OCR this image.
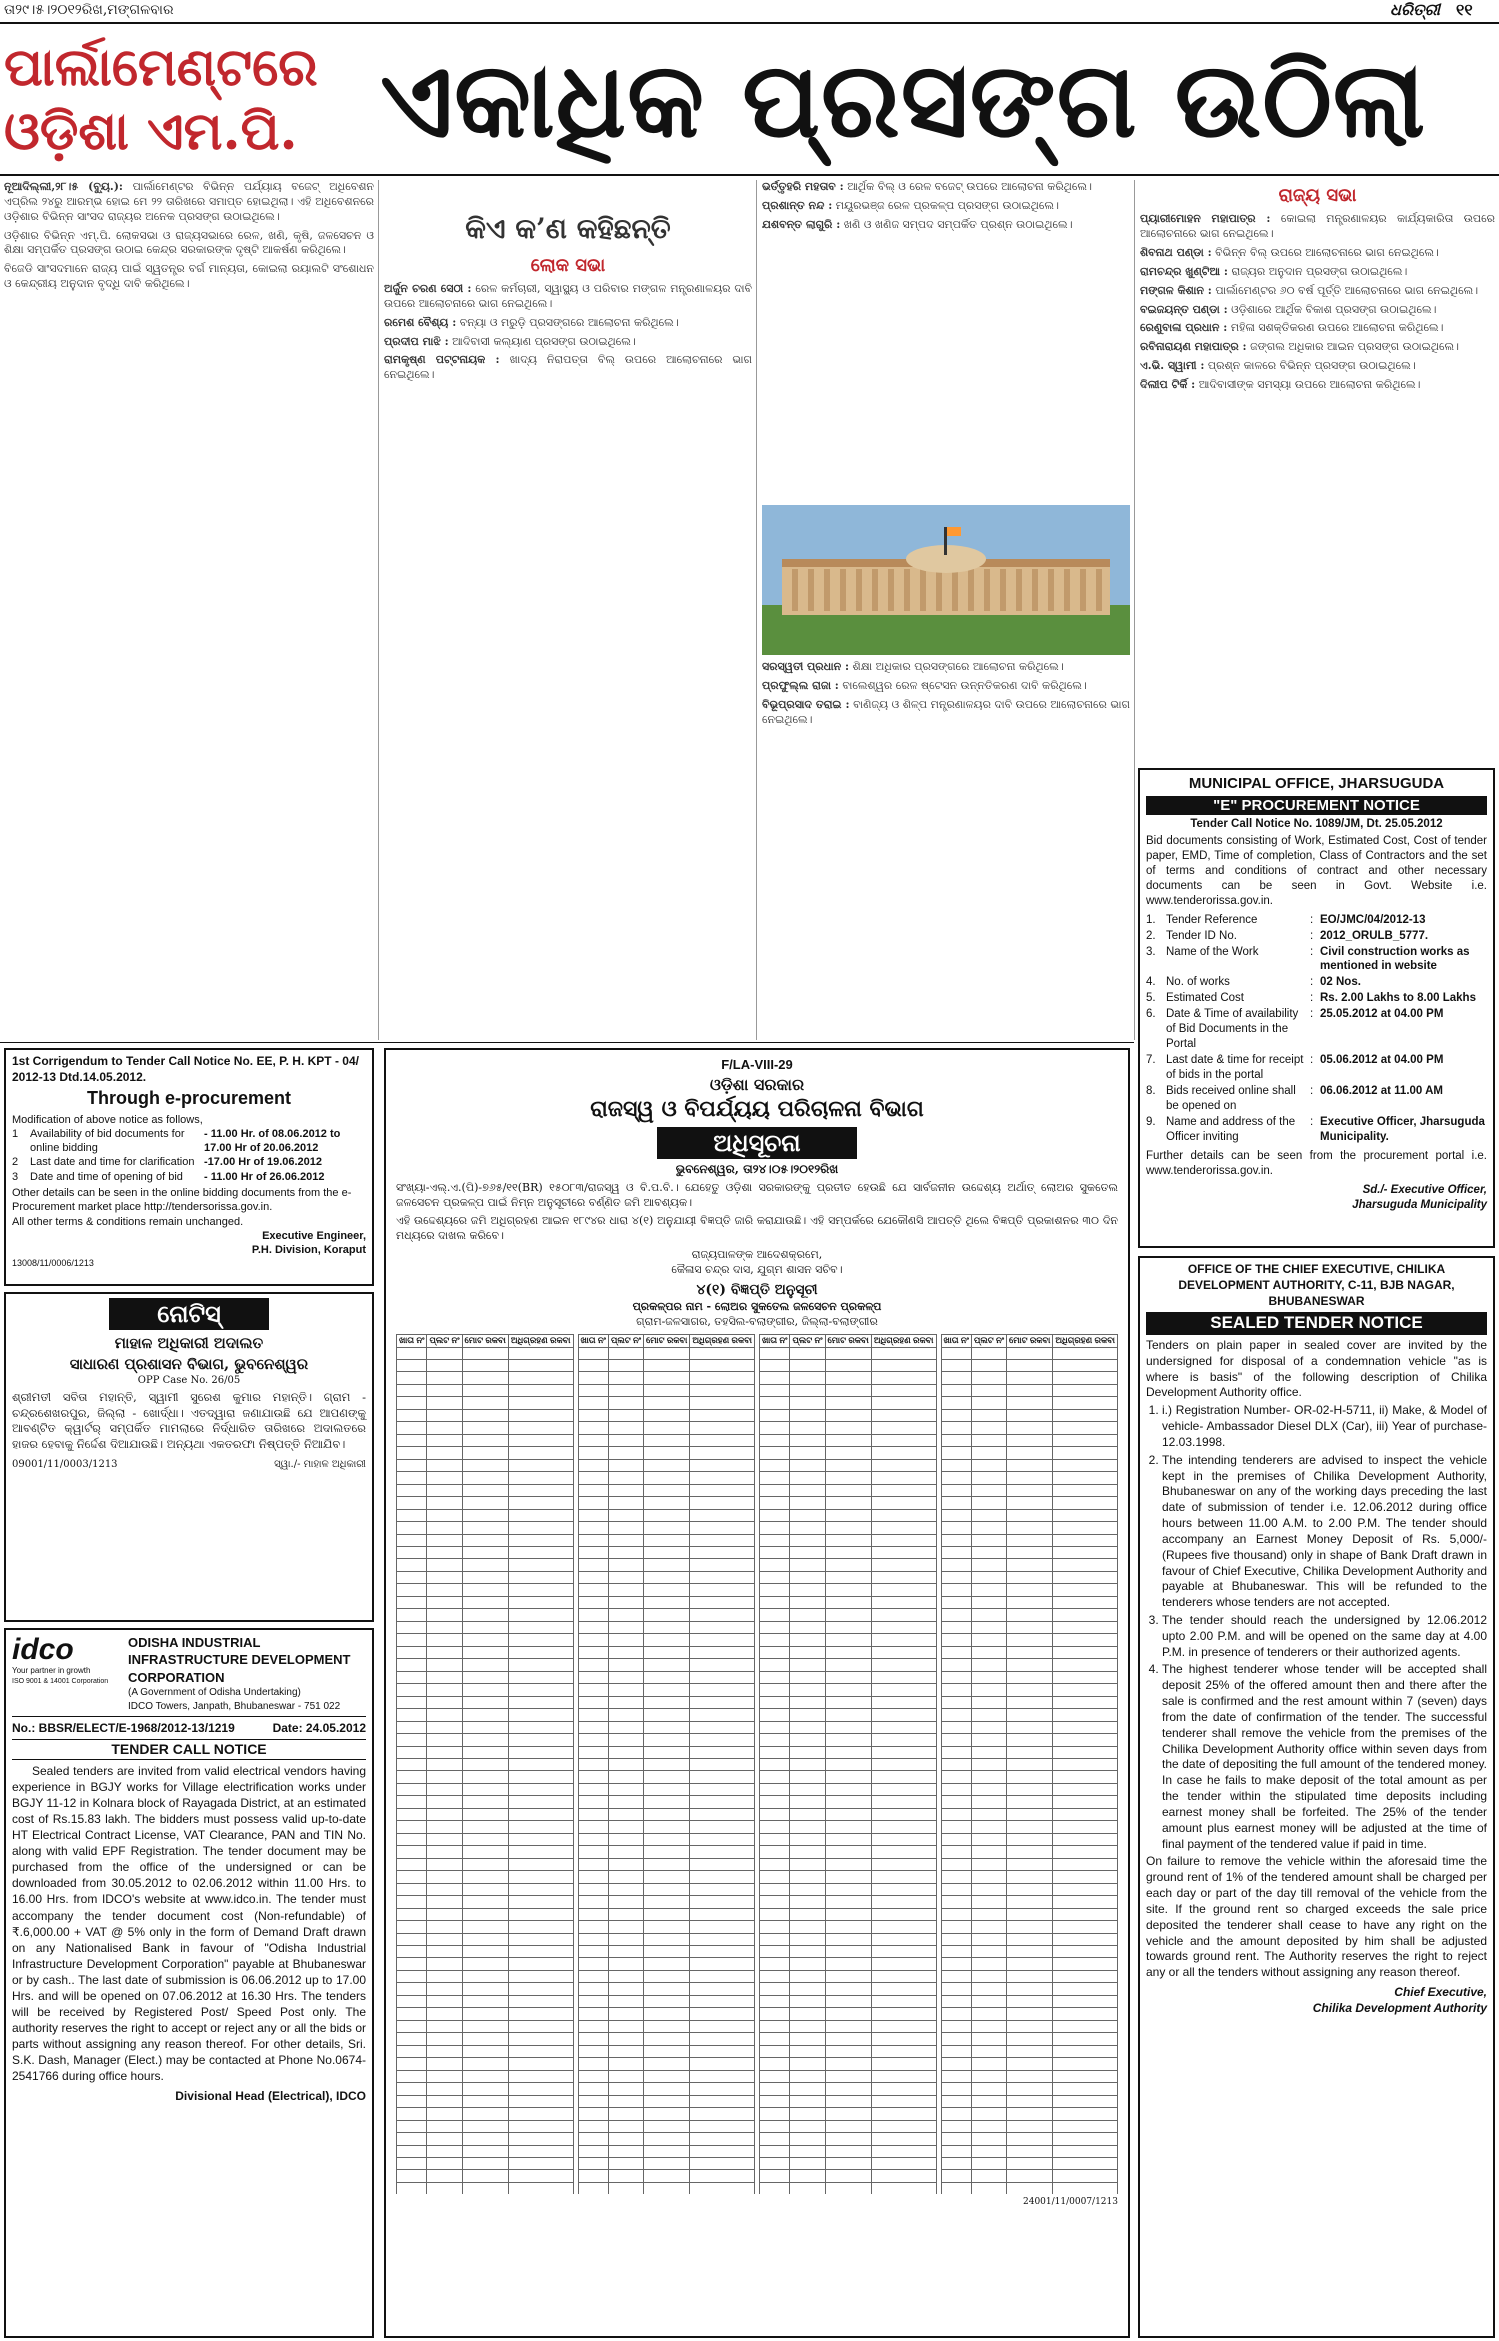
ତା୨୯।୫।୨୦୧୨ରିଖ,ମଙ୍ଗଳବାର	ଧରିତ୍ରୀ ୧୧
ପାର୍ଲାମେଣ୍ଟରେ
ଓଡ଼ିଶା ଏମ.ପି. ଏକାଧିକ ପ୍ରସଙ୍ଗ ଉଠିଲା

ନୂଆଦିଲ୍ଲୀ,୨୮।୫ (ବ୍ୟୁ.): ପାର୍ଲାମେଣ୍ଟର ବିଭିନ୍ନ ପର୍ଯ୍ୟାୟ ବଜେଟ୍ ଅଧିବେଶନ ଏପ୍ରିଲ ୨୪ରୁ ଆରମ୍ଭ ହୋଇ ମେ ୨୨ ତାରିଖରେ ସମାପ୍ତ ହୋଇଥିଲା। ଏହି ଅଧିବେଶନରେ ଓଡ଼ିଶାର ବିଭିନ୍ନ ସାଂସଦ ରାଜ୍ୟର ଅନେକ ପ୍ରସଙ୍ଗ ଉଠାଇଥିଲେ।

ଓଡ଼ିଶାର ବିଭିନ୍ନ ଏମ୍.ପି. ଲୋକସଭା ଓ ରାଜ୍ୟସଭାରେ ରେଳ, ଖଣି, କୃଷି, ଜଳସେଚନ ଓ ଶିକ୍ଷା ସମ୍ପର୍କିତ ପ୍ରସଙ୍ଗ ଉଠାଇ କେନ୍ଦ୍ର ସରକାରଙ୍କ ଦୃଷ୍ଟି ଆକର୍ଷଣ କରିଥିଲେ।

ବିଜେଡି ସାଂସଦମାନେ ରାଜ୍ୟ ପାଇଁ ସ୍ୱତନ୍ତ୍ର ବର୍ଗ ମାନ୍ୟତା, କୋଇଲା ରୟାଲଟି ସଂଶୋଧନ ଓ କେନ୍ଦ୍ରୀୟ ଅନୁଦାନ ବୃଦ୍ଧି ଦାବି କରିଥିଲେ।

କିଏ କ’ଣ କହିଛନ୍ତି
ଲୋକ ସଭା

ଅର୍ଜୁନ ଚରଣ ସେଠୀ : ରେଳ କର୍ମଚାରୀ, ସ୍ୱାସ୍ଥ୍ୟ ଓ ପରିବାର ମଙ୍ଗଳ ମନ୍ତ୍ରଣାଳୟର ଦାବି ଉପରେ ଆଲୋଚନାରେ ଭାଗ ନେଇଥିଲେ।

ରମେଶ ବୈଶ୍ୟ : ବନ୍ୟା ଓ ମରୁଡ଼ି ପ୍ରସଙ୍ଗରେ ଆଲୋଚନା କରିଥିଲେ।

ପ୍ରଦୀପ ମାଝି : ଆଦିବାସୀ କଲ୍ୟାଣ ପ୍ରସଙ୍ଗ ଉଠାଇଥିଲେ।

ରାମକୃଷ୍ଣ ପଟ୍ଟନାୟକ : ଖାଦ୍ୟ ନିରାପତ୍ତା ବିଲ୍ ଉପରେ ଆଲୋଚନାରେ ଭାଗ ନେଇଥିଲେ।

ଭର୍ତ୍ତୃହରି ମହତାବ : ଆର୍ଥିକ ବିଲ୍ ଓ ରେଳ ବଜେଟ୍ ଉପରେ ଆଲୋଚନା କରିଥିଲେ।

ପ୍ରଶାନ୍ତ ନନ୍ଦ : ମୟୂରଭଞ୍ଜ ରେଳ ପ୍ରକଳ୍ପ ପ୍ରସଙ୍ଗ ଉଠାଇଥିଲେ।

ଯଶବନ୍ତ ଲାଗୁରି : ଖଣି ଓ ଖଣିଜ ସମ୍ପଦ ସମ୍ପର୍କିତ ପ୍ରଶ୍ନ ଉଠାଇଥିଲେ।

ସରସ୍ୱତୀ ପ୍ରଧାନ : ଶିକ୍ଷା ଅଧିକାର ପ୍ରସଙ୍ଗରେ ଆଲୋଚନା କରିଥିଲେ।

ପ୍ରଫୁଲ୍ଲ ରାଜା : ବାଲେଶ୍ୱର ରେଳ ଷ୍ଟେସନ ଉନ୍ନତିକରଣ ଦାବି କରିଥିଲେ।

ବିଭୂପ୍ରସାଦ ତରାଇ : ବାଣିଜ୍ୟ ଓ ଶିଳ୍ପ ମନ୍ତ୍ରଣାଳୟର ଦାବି ଉପରେ ଆଲୋଚନାରେ ଭାଗ ନେଇଥିଲେ।

ରାଜ୍ୟ ସଭା

ପ୍ୟାରୀମୋହନ ମହାପାତ୍ର : କୋଇଲା ମନ୍ତ୍ରଣାଳୟର କାର୍ଯ୍ୟକାରିତା ଉପରେ ଆଲୋଚନାରେ ଭାଗ ନେଇଥିଲେ।

ଶିବନାଥ ପଣ୍ଡା : ବିଭିନ୍ନ ବିଲ୍ ଉପରେ ଆଲୋଚନାରେ ଭାଗ ନେଇଥିଲେ।

ରାମଚନ୍ଦ୍ର ଖୁଣ୍ଟିଆ : ରାଜ୍ୟର ଅନୁଦାନ ପ୍ରସଙ୍ଗ ଉଠାଇଥିଲେ।

ମଙ୍ଗଳ କିଶାନ : ପାର୍ଲାମେଣ୍ଟର ୬୦ ବର୍ଷ ପୂର୍ତ୍ତି ଆଲୋଚନାରେ ଭାଗ ନେଇଥିଲେ।

ବଇଜୟନ୍ତ ପଣ୍ଡା : ଓଡ଼ିଶାରେ ଆର୍ଥିକ ବିକାଶ ପ୍ରସଙ୍ଗ ଉଠାଇଥିଲେ।

ରେଣୁବାଳା ପ୍ରଧାନ : ମହିଳା ସଶକ୍ତିକରଣ ଉପରେ ଆଲୋଚନା କରିଥିଲେ।

ରବିନାରାୟଣ ମହାପାତ୍ର : ଜଙ୍ଗଲ ଅଧିକାର ଆଇନ ପ୍ରସଙ୍ଗ ଉଠାଇଥିଲେ।

ଏ.ଭି. ସ୍ୱାମୀ : ପ୍ରଶ୍ନ କାଳରେ ବିଭିନ୍ନ ପ୍ରସଙ୍ଗ ଉଠାଇଥିଲେ।

ଦିଲୀପ ଟିର୍କି : ଆଦିବାସୀଙ୍କ ସମସ୍ୟା ଉପରେ ଆଲୋଚନା କରିଥିଲେ।

MUNICIPAL OFFICE, JHARSUGUDA
"E" PROCUREMENT NOTICE
Tender Call Notice No. 1089/JM, Dt. 25.05.2012
Bid documents consisting of Work, Estimated Cost, Cost of tender paper, EMD, Time of completion, Class of Contractors and the set of terms and conditions of contract and other necessary documents can be seen in Govt. Website i.e. www.tenderorissa.gov.in.
1. Tender Reference	: EO/JMC/04/2012-13
2. Tender ID No.	: 2012_ORULB_5777.
3. Name of the Work	: Civil construction works as mentioned in website
4. No. of works	: 02 Nos.
5. Estimated Cost	: Rs. 2.00 Lakhs to 8.00 Lakhs
6. Date & Time of availability of Bid Documents in the Portal
: 25.05.2012 at 04.00 PM
7. Last date & time for receipt of bids in the portal
: 05.06.2012 at 04.00 PM
8. Bids received online shall be opened on
: 06.06.2012 at 11.00 AM
9. Name and address of the Officer inviting
: Executive Officer, Jharsuguda Municipality.
Further details can be seen from the procurement portal i.e. www.tenderorissa.gov.in.
Sd./- Executive Officer,
Jharsuguda Municipality
OFFICE OF THE CHIEF EXECUTIVE, CHILIKA DEVELOPMENT AUTHORITY, C-11, BJB NAGAR, BHUBANESWAR
SEALED TENDER NOTICE
Tenders on plain paper in sealed cover are invited by the undersigned for disposal of a condemnation vehicle "as is where is basis" of the following description of Chilika Development Authority office.
1. i.) Registration Number- OR-02-H-5711, ii) Make, & Model of vehicle- Ambassador Diesel DLX (Car), iii) Year of purchase-12.03.1998.
2. The intending tenderers are advised to inspect the vehicle kept in the premises of Chilika Development Authority, Bhubaneswar on any of the working days preceding the last date of submission of tender i.e. 12.06.2012 during office hours between 11.00 A.M. to 2.00 P.M. The tender should accompany an Earnest Money Deposit of Rs. 5,000/- (Rupees five thousand) only in shape of Bank Draft drawn in favour of Chief Executive, Chilika Development Authority and payable at Bhubaneswar. This will be refunded to the tenderers whose tenders are not accepted.
3. The tender should reach the undersigned by 12.06.2012 upto 2.00 P.M. and will be opened on the same day at 4.00 P.M. in presence of tenderers or their authorized agents.
4. The highest tenderer whose tender will be accepted shall deposit 25% of the offered amount then and there after the sale is confirmed and the rest amount within 7 (seven) days from the date of confirmation of the tender. The successful tenderer shall remove the vehicle from the premises of the Chilika Development Authority office within seven days from the date of depositing the full amount of the tendered money. In case he fails to make deposit of the total amount as per the tender within the stipulated time deposits including earnest money shall be forfeited. The 25% of the tender amount plus earnest money will be adjusted at the time of final payment of the tendered value if paid in time.
On failure to remove the vehicle within the aforesaid time the ground rent of 1% of the tendered amount shall be charged per each day or part of the day till removal of the vehicle from the site. If the ground rent so charged exceeds the sale price deposited the tenderer shall cease to have any right on the vehicle and the amount deposited by him shall be adjusted towards ground rent. The Authority reserves the right to reject any or all the tenders without assigning any reason thereof.
Chief Executive,
Chilika Development Authority
1st Corrigendum to Tender Call Notice No. EE, P. H. KPT - 04/ 2012-13 Dtd.14.05.2012.
Through e-procurement
Modification of above notice as follows,
1	Availability of bid documents for online bidding
- 11.00 Hr. of 08.06.2012 to 17.00 Hr of 20.06.2012
2	Last date and time for clarification -17.00 Hr of 19.06.2012
3	Date and time of opening of bid	- 11.00 Hr of 26.06.2012
Other details can be seen in the online bidding documents from the e-Procurement market place http://tendersorissa.gov.in.
All other terms & conditions remain unchanged.
Executive Engineer,
P.H. Division, Koraput
13008/11/0006/1213
ନୋଟିସ୍
ମାହାଳ ଅଧିକାରୀ ଅଦାଲତ
ସାଧାରଣ ପ୍ରଶାସନ ବିଭାଗ, ଭୁବନେଶ୍ୱର
OPP Case No. 26/05
ଶ୍ରୀମତୀ ସବିତା ମହାନ୍ତି, ସ୍ୱାମୀ ସୁରେଶ କୁମାର ମହାନ୍ତି। ଗ୍ରାମ - ଚନ୍ଦ୍ରଶେଖରପୁର, ଜିଲ୍ଲା - ଖୋର୍ଦ୍ଧା। ଏତଦ୍ୱାରା ଜଣାଯାଉଛି ଯେ ଆପଣଙ୍କୁ ଆବଣ୍ଟିତ କ୍ୱାର୍ଟର୍ ସମ୍ପର୍କିତ ମାମଲାରେ ନିର୍ଦ୍ଧାରିତ ତାରିଖରେ ଅଦାଲତରେ ହାଜର ହେବାକୁ ନିର୍ଦ୍ଦେଶ ଦିଆଯାଉଛି। ଅନ୍ୟଥା ଏକତରଫା ନିଷ୍ପତ୍ତି ନିଆଯିବ।
09001/11/0003/1213	ସ୍ୱା./- ମାହାଳ ଅଧିକାରୀ
idco
Your partner in growth
ISO 9001 & 14001 Corporation
ODISHA INDUSTRIAL INFRASTRUCTURE DEVELOPMENT CORPORATION
(A Government of Odisha Undertaking)
IDCO Towers, Janpath, Bhubaneswar - 751 022
No.: BBSR/ELECT/E-1968/2012-13/1219	Date: 24.05.2012
TENDER CALL NOTICE
Sealed tenders are invited from valid electrical vendors having experience in BGJY works for Village electrification works under BGJY 11-12 in Kolnara block of Rayagada District, at an estimated cost of Rs.15.83 lakh. The bidders must possess valid up-to-date HT Electrical Contract License, VAT Clearance, PAN and TIN No. along with valid EPF Registration. The tender document may be purchased from the office of the undersigned or can be downloaded from 30.05.2012 to 02.06.2012 within 11.00 Hrs. to 16.00 Hrs. from IDCO's website at www.idco.in. The tender must accompany the tender document cost (Non-refundable) of ₹.6,000.00 + VAT @ 5% only in the form of Demand Draft drawn on any Nationalised Bank in favour of "Odisha Industrial Infrastructure Development Corporation" payable at Bhubaneswar or by cash.. The last date of submission is 06.06.2012 up to 17.00 Hrs. and will be opened on 07.06.2012 at 16.30 Hrs. The tenders will be received by Registered Post/ Speed Post only. The authority reserves the right to accept or reject any or all the bids or parts without assigning any reason thereof. For other details, Sri. S.K. Dash, Manager (Elect.) may be contacted at Phone No.0674-2541766 during office hours.
Divisional Head (Electrical), IDCO
F/LA-VIII-29
ଓଡ଼ିଶା ସରକାର
ରାଜସ୍ୱ ଓ ବିପର୍ଯ୍ୟୟ ପରିଚାଳନା ବିଭାଗ
ଅଧିସୂଚନା
ଭୁବନେଶ୍ୱର, ତା୨୪।୦୫।୨୦୧୨ରିଖ
ସଂଖ୍ୟା-ଏଲ୍.ଏ.(ପି)-୭୬୫/୧୧(BR) ୧୫୦୮୩/ରାଜସ୍ୱ ଓ ବି.ପ.ବି.। ଯେହେତୁ ଓଡ଼ିଶା ସରକାରଙ୍କୁ ପ୍ରତୀତ ହେଉଛି ଯେ ସାର୍ବଜନୀନ ଉଦ୍ଦେଶ୍ୟ ଅର୍ଥାତ୍ ଲୋଅର ସୁକତେଲ ଜଳସେଚନ ପ୍ରକଳ୍ପ ପାଇଁ ନିମ୍ନ ଅନୁସୂଚୀରେ ବର୍ଣ୍ଣିତ ଜମି ଆବଶ୍ୟକ।
ଏହି ଉଦ୍ଦେଶ୍ୟରେ ଜମି ଅଧିଗ୍ରହଣ ଆଇନ ୧୮୯୪ର ଧାରା ୪(୧) ଅନୁଯାୟୀ ବିଜ୍ଞପ୍ତି ଜାରି କରାଯାଉଛି। ଏହି ସମ୍ପର୍କରେ ଯେକୌଣସି ଆପତ୍ତି ଥିଲେ ବିଜ୍ଞପ୍ତି ପ୍ରକାଶନର ୩୦ ଦିନ ମଧ୍ୟରେ ଦାଖଲ କରିବେ।
ରାଜ୍ୟପାଳଙ୍କ ଆଦେଶକ୍ରମେ,
କୈଳାସ ଚନ୍ଦ୍ର ଦାସ, ଯୁଗ୍ମ ଶାସନ ସଚିବ।
୪(୧) ବିଜ୍ଞପ୍ତି ଅନୁସୂଚୀ
ପ୍ରକଳ୍ପର ନାମ - ଲୋଅର ସୁକତେଲ ଜଳସେଚନ ପ୍ରକଳ୍ପ
ଗ୍ରାମ-ଜଳସାଗର, ତହସିଲ-ବଲାଙ୍ଗୀର, ଜିଲ୍ଲା-ବଲାଙ୍ଗୀର
ଖାତା ନଂ	ପ୍ଲଟ ନଂ	ମୋଟ ରକବା	ଅଧିଗ୍ରହଣ ରକବା

			ଖାତା ନଂ	ପ୍ଲଟ ନଂ	ମୋଟ ରକବା	ଅଧିଗ୍ରହଣ ରକବା

			ଖାତା ନଂ	ପ୍ଲଟ ନଂ	ମୋଟ ରକବା	ଅଧିଗ୍ରହଣ ରକବା

			ଖାତା ନଂ	ପ୍ଲଟ ନଂ	ମୋଟ ରକବା	ଅଧିଗ୍ରହଣ ରକବା

24001/11/0007/1213
